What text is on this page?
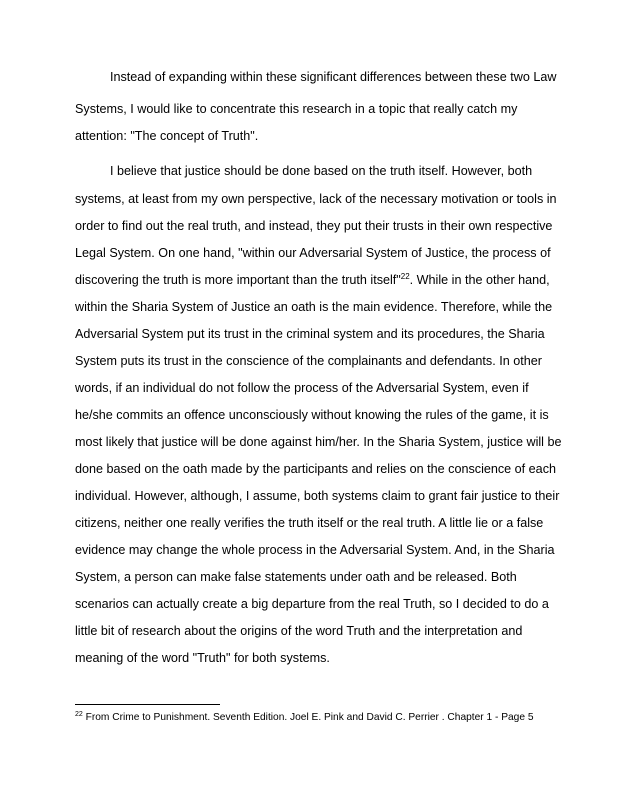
Instead of expanding within these significant differences between these two Law

Systems, I would like to concentrate this research in a topic that really catch my

attention: "The concept of Truth".

I believe that justice should be done based on the truth itself. However, both

systems, at least from my own perspective, lack of the necessary motivation or tools in

order to find out the real truth, and instead, they put their trusts in their own respective

Legal System. On one hand, "within our Adversarial System of Justice, the process of

discovering the truth is more important than the truth itself"$^{22}$. While in the other hand,

within the Sharia System of Justice an oath is the main evidence. Therefore, while the

Adversarial System put its trust in the criminal system and its procedures, the Sharia

System puts its trust in the conscience of the complainants and defendants. In other

words, if an individual do not follow the process of the Adversarial System, even if

he/she commits an offence unconsciously without knowing the rules of the game, it is

most likely that justice will be done against him/her. In the Sharia System, justice will be

done based on the oath made by the participants and relies on the conscience of each

individual. However, although, I assume, both systems claim to grant fair justice to their

citizens, neither one really verifies the truth itself or the real truth. A little lie or a false

evidence may change the whole process in the Adversarial System. And, in the Sharia

System, a person can make false statements under oath and be released. Both

scenarios can actually create a big departure from the real Truth, so I decided to do a

little bit of research about the origins of the word Truth and the interpretation and

meaning of the word "Truth" for both systems.

$^{22}$ From Crime to Punishment. Seventh Edition. Joel E. Pink and David C. Perrier . Chapter 1 - Page 5
